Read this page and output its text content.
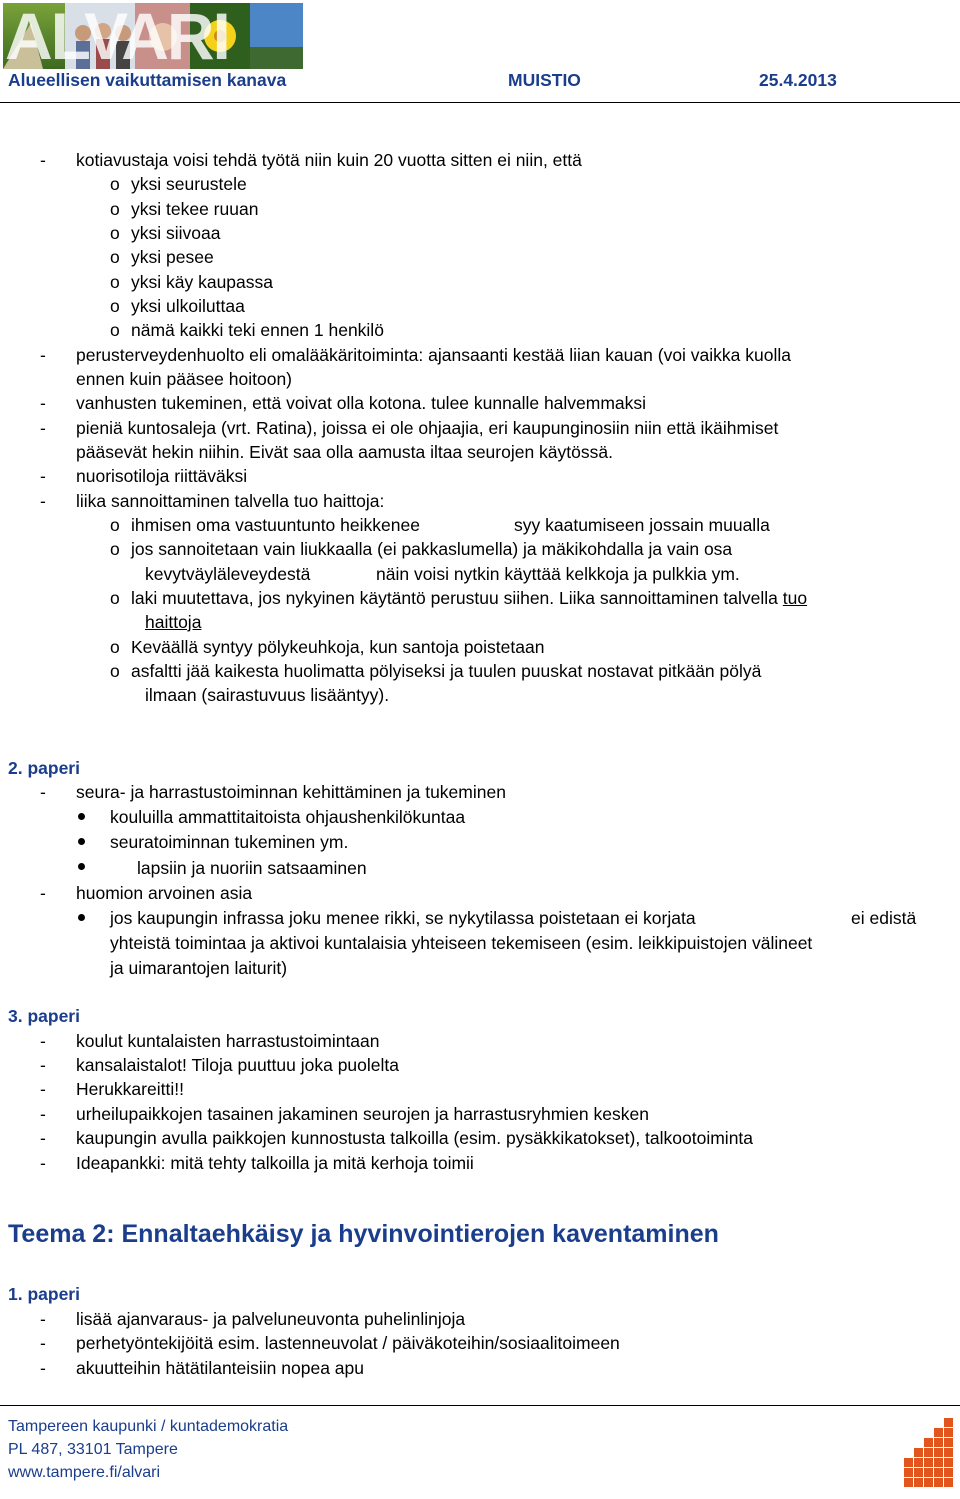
ALVARI
Alueellisen vaikuttamisen kanava	MUISTIO	25.4.2013
- kotiavustaja voisi tehdä työtä niin kuin 20 vuotta sitten ei niin, että
o yksi seurustele
o yksi tekee ruuan
o yksi siivoaa
o yksi pesee
o yksi käy kaupassa
o yksi ulkoiluttaa
o nämä kaikki teki ennen 1 henkilö
- perusterveydenhuolto eli omalääkäritoiminta: ajansaanti kestää liian kauan (voi vaikka kuolla
ennen kuin pääsee hoitoon)
- vanhusten tukeminen, että voivat olla kotona. tulee kunnalle halvemmaksi
- pieniä kuntosaleja (vrt. Ratina), joissa ei ole ohjaajia, eri kaupunginosiin niin että ikäihmiset
pääsevät hekin niihin. Eivät saa olla aamusta iltaa seurojen käytössä.
- nuorisotiloja riittäväksi
- liika sannoittaminen talvella tuo haittoja:
o ihmisen oma vastuuntunto heikkenee	syy kaatumiseen jossain muualla
o jos sannoitetaan vain liukkaalla (ei pakkaslumella) ja mäkikohdalla ja vain osa
kevytväyläleveydestä	näin voisi nytkin käyttää kelkkoja ja pulkkia ym.
o laki muutettava, jos nykyinen käytäntö perustuu siihen. Liika sannoittaminen talvella tuo
haittoja
o Keväällä syntyy pölykeuhkoja, kun santoja poistetaan
o asfaltti jää kaikesta huolimatta pölyiseksi ja tuulen puuskat nostavat pitkään pölyä
ilmaan (sairastuvuus lisääntyy).
2. paperi
- seura- ja harrastustoiminnan kehittäminen ja tukeminen
kouluilla ammattitaitoista ohjaushenkilökuntaa
seuratoiminnan tukeminen ym.
lapsiin ja nuoriin satsaaminen
- huomion arvoinen asia
jos kaupungin infrassa joku menee rikki, se nykytilassa poistetaan ei korjata	ei edistä
yhteistä toimintaa ja aktivoi kuntalaisia yhteiseen tekemiseen (esim. leikkipuistojen välineet
ja uimarantojen laiturit)
3. paperi
- koulut kuntalaisten harrastustoimintaan
- kansalaistalot! Tiloja puuttuu joka puolelta
- Herukkareitti!!
- urheilupaikkojen tasainen jakaminen seurojen ja harrastusryhmien kesken
- kaupungin avulla paikkojen kunnostusta talkoilla (esim. pysäkkikatokset), talkootoiminta
- Ideapankki: mitä tehty talkoilla ja mitä kerhoja toimii
Teema 2: Ennaltaehkäisy ja hyvinvointierojen kaventaminen
1. paperi
- lisää ajanvaraus- ja palveluneuvonta puhelinlinjoja
- perhetyöntekijöitä esim. lastenneuvolat / päiväkoteihin/sosiaalitoimeen
- akuutteihin hätätilanteisiin nopea apu
Tampereen kaupunki / kuntademokratia
PL 487, 33101 Tampere
www.tampere.fi/alvari
